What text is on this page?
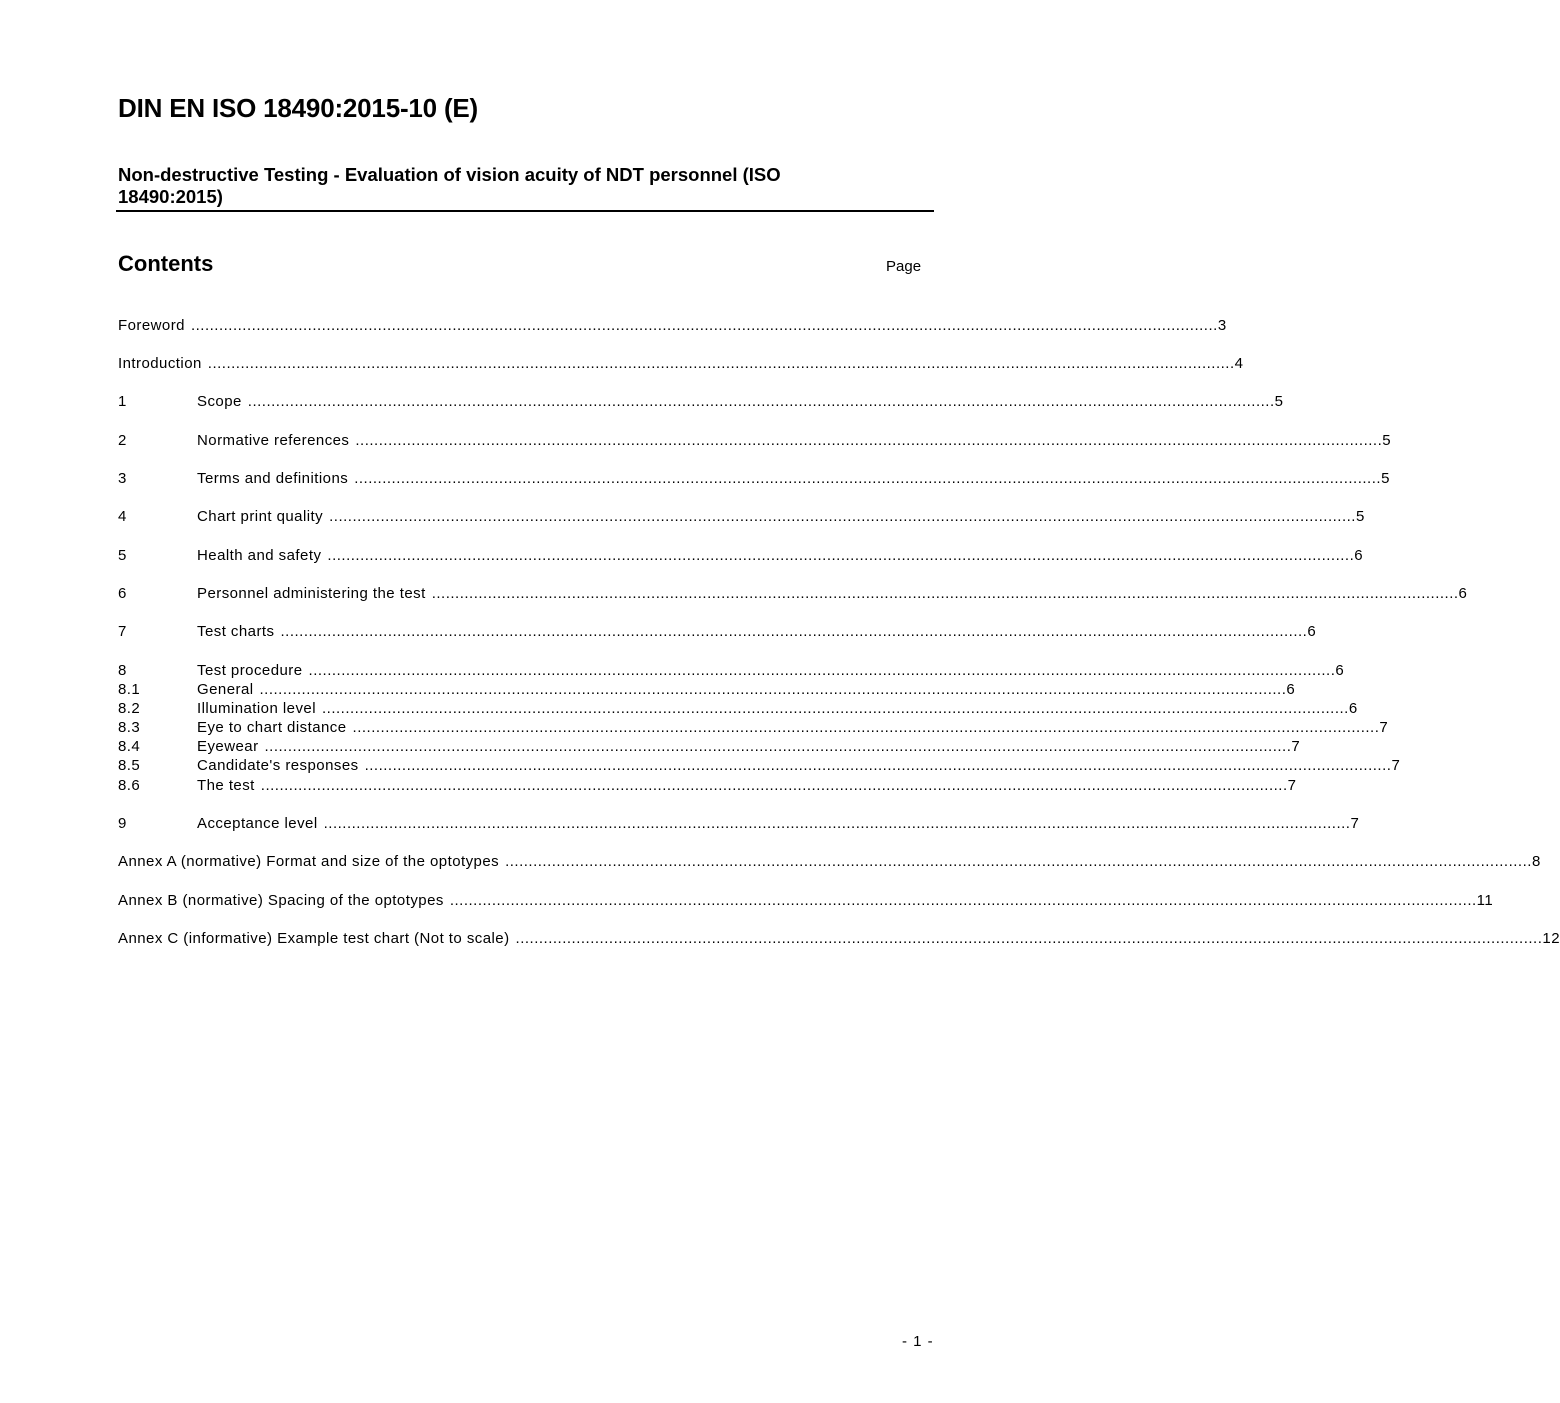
DIN EN ISO 18490:2015-10 (E)
Non-destructive Testing - Evaluation of vision acuity of NDT personnel (ISO 18490:2015)
Contents	Page
Foreword ............................................................................................................................................................................................................................ 3
Introduction ............................................................................................................................................................................................................................ 4
1	Scope ............................................................................................................................................................................................................................ 5
2	Normative references ............................................................................................................................................................................................................................ 5
3	Terms and definitions ............................................................................................................................................................................................................................ 5
4	Chart print quality ............................................................................................................................................................................................................................ 5
5	Health and safety ............................................................................................................................................................................................................................ 6
6	Personnel administering the test ............................................................................................................................................................................................................................ 6
7	Test charts ............................................................................................................................................................................................................................ 6
8	Test procedure ............................................................................................................................................................................................................................ 6
8.1	General ............................................................................................................................................................................................................................ 6
8.2	Illumination level ............................................................................................................................................................................................................................ 6
8.3	Eye to chart distance ............................................................................................................................................................................................................................ 7
8.4	Eyewear ............................................................................................................................................................................................................................ 7
8.5	Candidate's responses ............................................................................................................................................................................................................................ 7
8.6	The test ............................................................................................................................................................................................................................ 7
9	Acceptance level ............................................................................................................................................................................................................................ 7
Annex A (normative) Format and size of the optotypes ............................................................................................................................................................................................................................ 8
Annex B (normative) Spacing of the optotypes ............................................................................................................................................................................................................................ 11
Annex C (informative) Example test chart (Not to scale) ............................................................................................................................................................................................................................ 12
- 1 -
